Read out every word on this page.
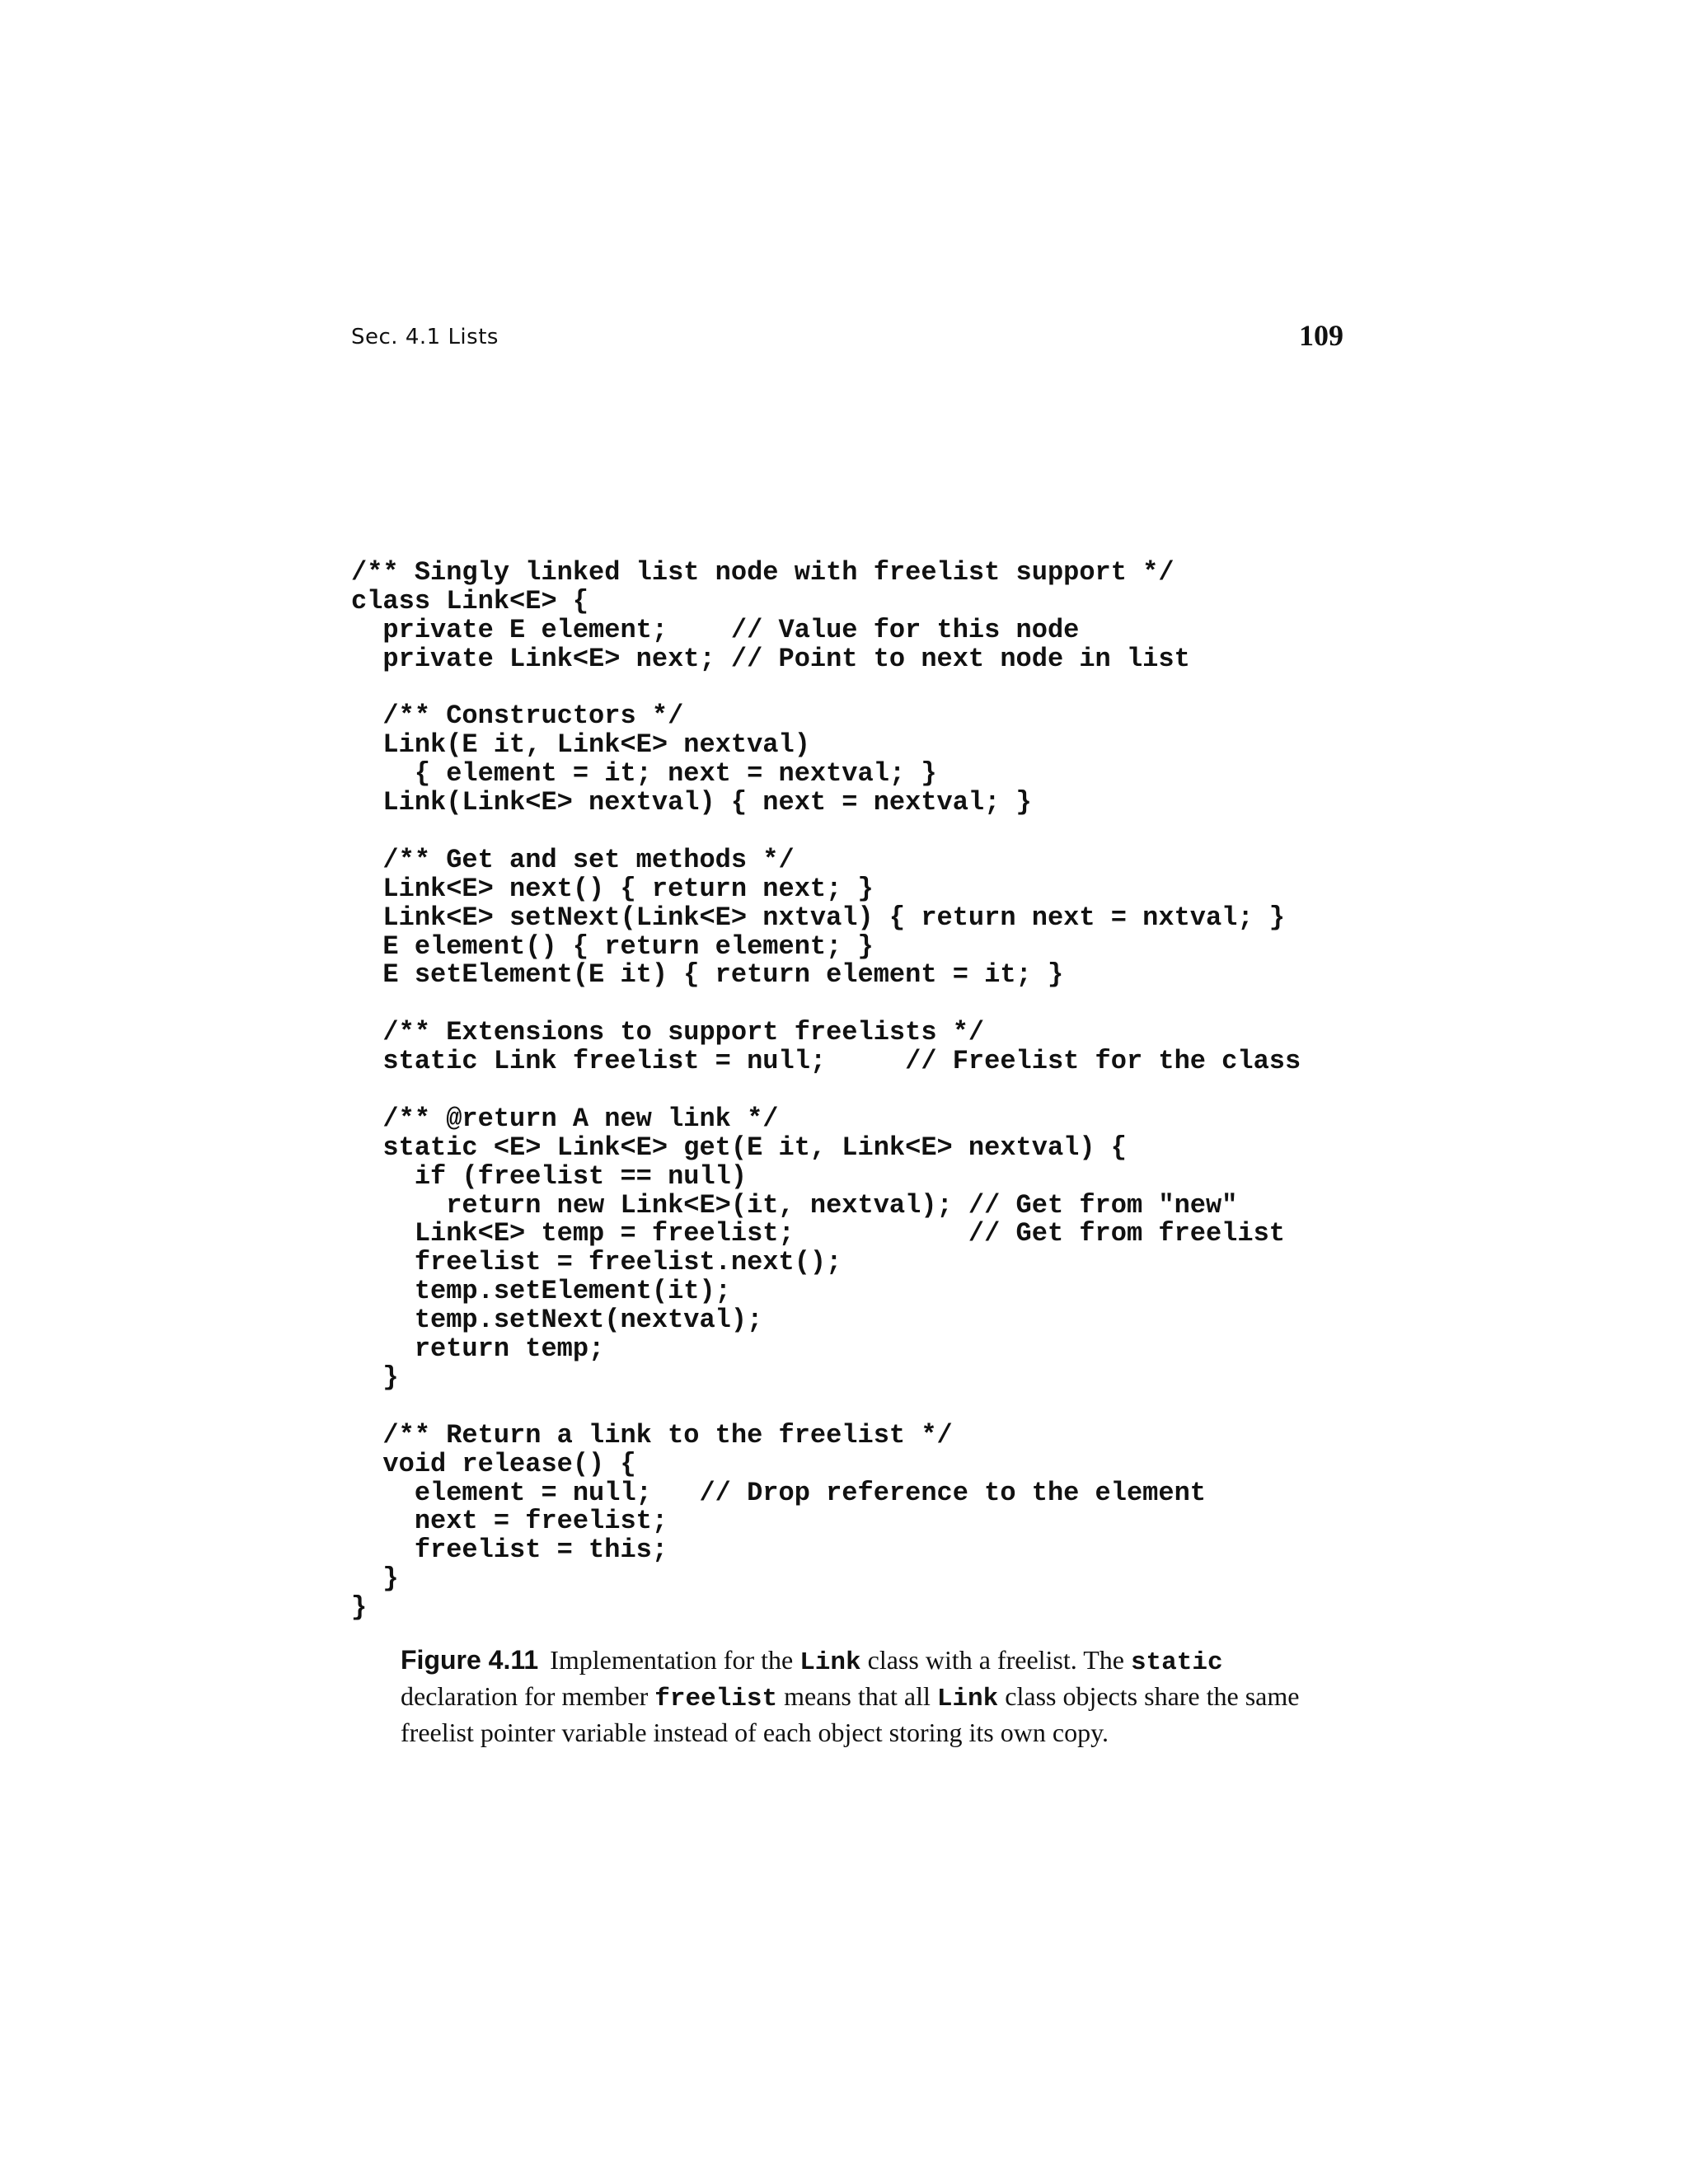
Sec. 4.1 Lists	109
/** Singly linked list node with freelist support */
class Link<E> {
private E element;    // Value for this node
private Link<E> next; // Point to next node in list
/** Constructors */
Link(E it, Link<E> nextval)
{ element = it; next = nextval; }
Link(Link<E> nextval) { next = nextval; }
/** Get and set methods */
Link<E> next() { return next; }
Link<E> setNext(Link<E> nxtval) { return next = nxtval; }
E element() { return element; }
E setElement(E it) { return element = it; }
/** Extensions to support freelists */
static Link freelist = null;     // Freelist for the class
/** @return A new link */
static <E> Link<E> get(E it, Link<E> nextval) {
if (freelist == null)
return new Link<E>(it, nextval); // Get from "new"
Link<E> temp = freelist;           // Get from freelist
freelist = freelist.next();
temp.setElement(it);
temp.setNext(nextval);
return temp;
}
/** Return a link to the freelist */
void release() {
element = null;   // Drop reference to the element
next = freelist;
freelist = this;
}
}
Figure 4.11 Implementation for the Link class with a freelist. The static declaration for member freelist means that all Link class objects share the same freelist pointer variable instead of each object storing its own copy.
